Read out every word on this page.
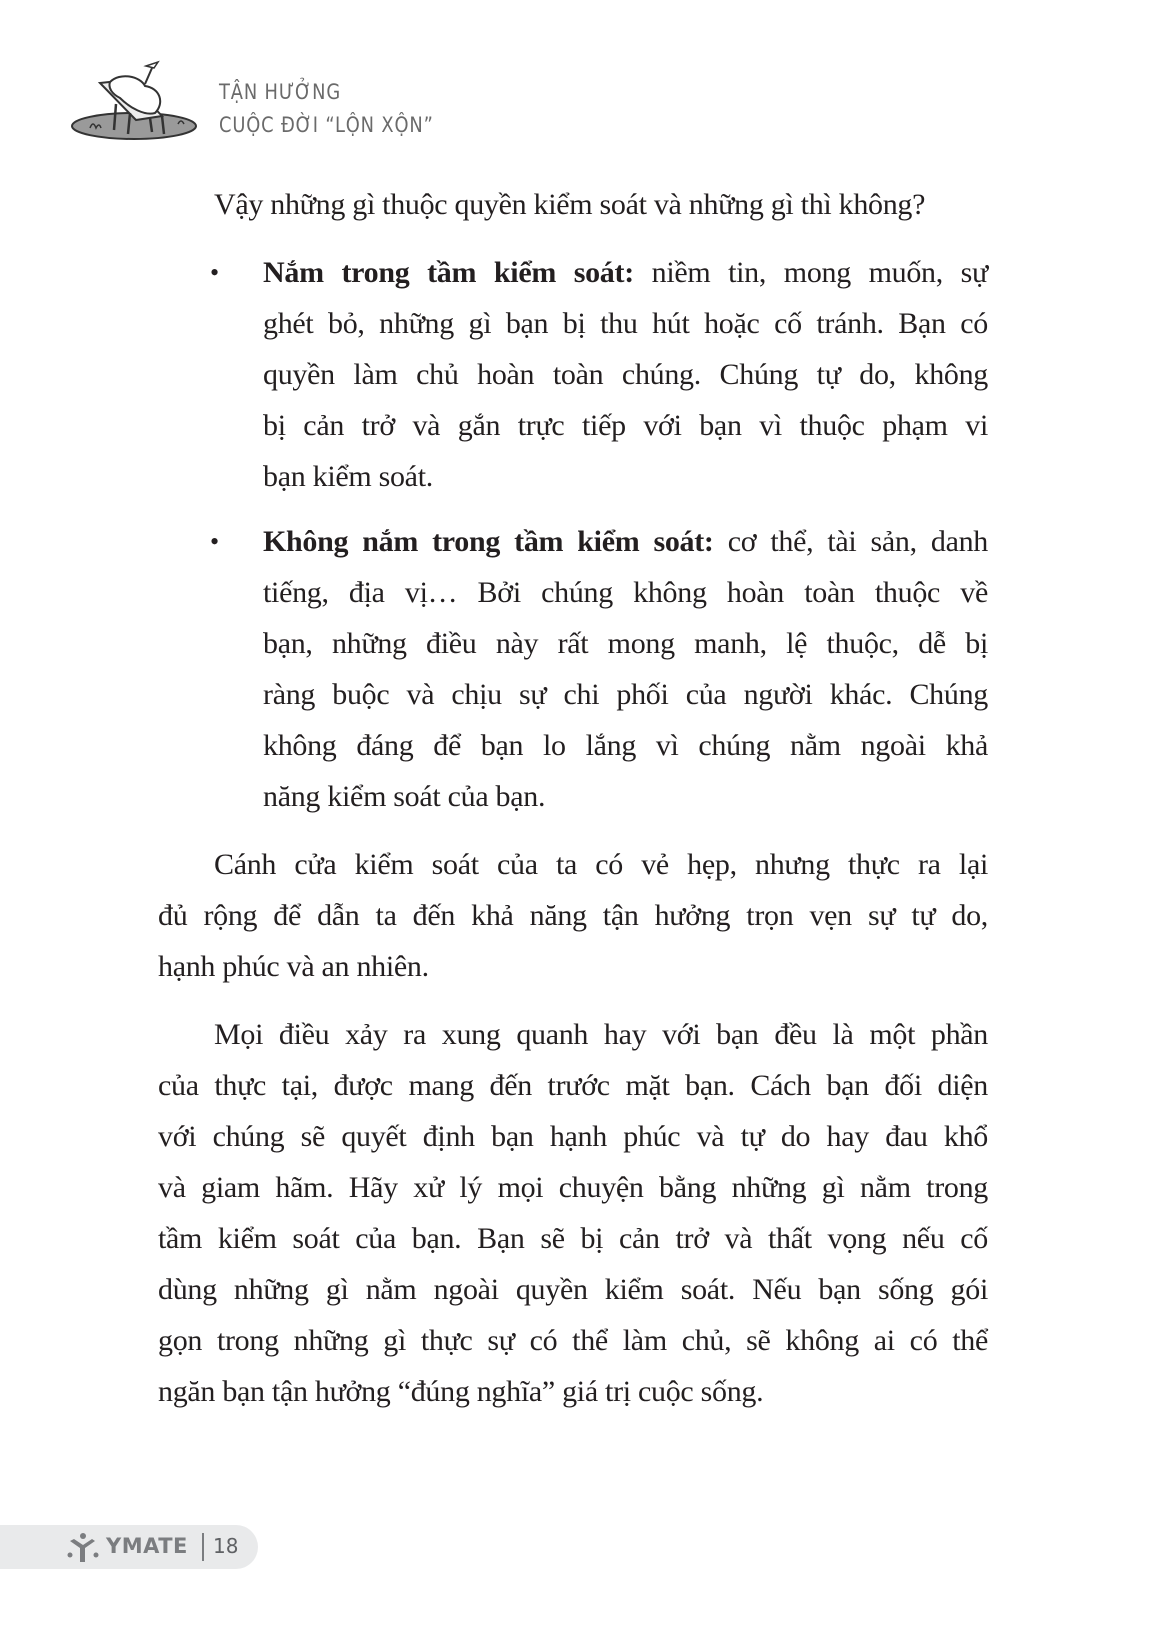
TẬN HƯỞNG
CUỘC ĐỜI “LỘN XỘN”
Vậy những gì thuộc quyền kiểm soát và những gì thì không?
• Nắm trong tầm kiểm soát: niềm tin, mong muốn, sự
ghét bỏ, những gì bạn bị thu hút hoặc cố tránh. Bạn có
quyền làm chủ hoàn toàn chúng. Chúng tự do, không
bị cản trở và gắn trực tiếp với bạn vì thuộc phạm vi
bạn kiểm soát.
• Không nắm trong tầm kiểm soát: cơ thể, tài sản, danh
tiếng, địa vị… Bởi chúng không hoàn toàn thuộc về
bạn, những điều này rất mong manh, lệ thuộc, dễ bị
ràng buộc và chịu sự chi phối của người khác. Chúng
không đáng để bạn lo lắng vì chúng nằm ngoài khả
năng kiểm soát của bạn.
Cánh cửa kiểm soát của ta có vẻ hẹp, nhưng thực ra lại
đủ rộng để dẫn ta đến khả năng tận hưởng trọn vẹn sự tự do,
hạnh phúc và an nhiên.
Mọi điều xảy ra xung quanh hay với bạn đều là một phần
của thực tại, được mang đến trước mặt bạn. Cách bạn đối diện
với chúng sẽ quyết định bạn hạnh phúc và tự do hay đau khổ
và giam hãm. Hãy xử lý mọi chuyện bằng những gì nằm trong
tầm kiểm soát của bạn. Bạn sẽ bị cản trở và thất vọng nếu cố
dùng những gì nằm ngoài quyền kiểm soát. Nếu bạn sống gói
gọn trong những gì thực sự có thể làm chủ, sẽ không ai có thể
ngăn bạn tận hưởng “đúng nghĩa” giá trị cuộc sống.
YMATE 18
